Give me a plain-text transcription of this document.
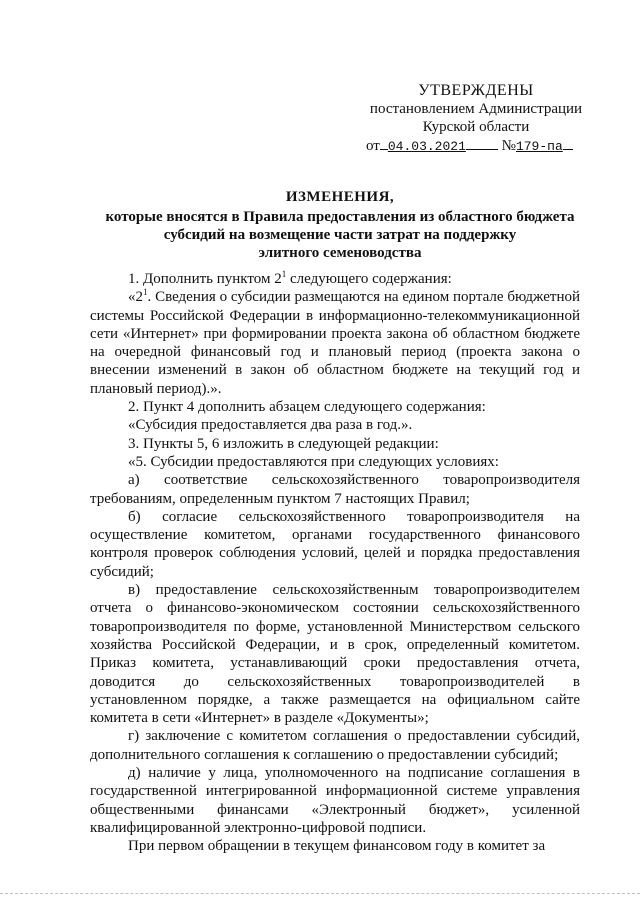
УТВЕРЖДЕНЫ
постановлением Администрации
Курской области
от 04.03.2021 №179-па
ИЗМЕНЕНИЯ,
которые вносятся в Правила предоставления из областного бюджета
субсидий на возмещение части затрат на поддержку
элитного семеноводства

1. Дополнить пунктом $2^1$ следующего содержания:

«$2^1$. Сведения о субсидии размещаются на едином портале бюджетной системы Российской Федерации в информационно-телекоммуникационной сети «Интернет» при формировании проекта закона об областном бюджете на очередной финансовый год и плановый период (проекта закона о внесении изменений в закон об областном бюджете на текущий год и плановый период).».

2. Пункт 4 дополнить абзацем следующего содержания:

«Субсидия предоставляется два раза в год.».

3. Пункты 5, 6 изложить в следующей редакции:

«5. Субсидии предоставляются при следующих условиях:

а) соответствие сельскохозяйственного товаропроизводителя требованиям, определенным пунктом 7 настоящих Правил;

б) согласие сельскохозяйственного товаропроизводителя на осуществление комитетом, органами государственного финансового контроля проверок соблюдения условий, целей и порядка предоставления субсидий;

в) предоставление сельскохозяйственным товаропроизводителем отчета о финансово-экономическом состоянии сельскохозяйственного товаропроизводителя по форме, установленной Министерством сельского хозяйства Российской Федерации, и в срок, определенный комитетом. Приказ комитета, устанавливающий сроки предоставления отчета, доводится до сельскохозяйственных товаропроизводителей в установленном порядке, а также размещается на официальном сайте комитета в сети «Интернет» в разделе «Документы»;

г) заключение с комитетом соглашения о предоставлении субсидий, дополнительного соглашения к соглашению о предоставлении субсидий;

д) наличие у лица, уполномоченного на подписание соглашения в государственной интегрированной информационной системе управления общественными финансами «Электронный бюджет», усиленной квалифицированной электронно-цифровой подписи.

При первом обращении в текущем финансовом году в комитет за
